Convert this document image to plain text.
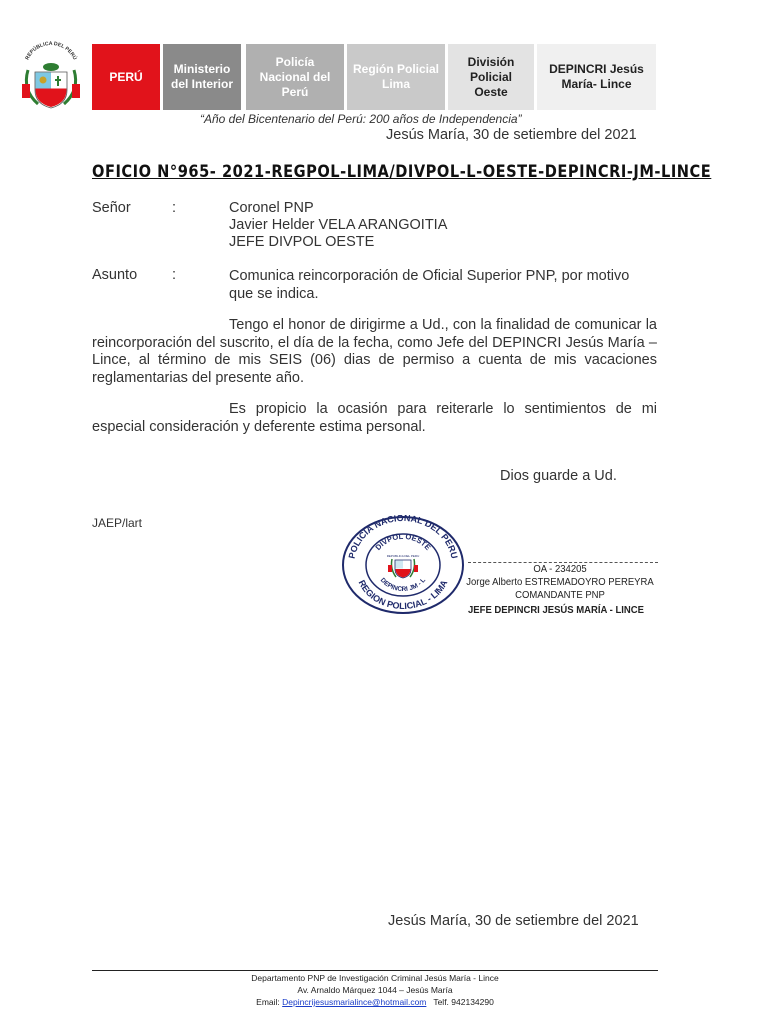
REPÚBLICA DEL PERÚ
PERÚ
Ministerio del Interior
Policía Nacional del Perú
Región Policial Lima
División Policial Oeste
DEPINCRI Jesús María- Lince
“Año del Bicentenario del Perú: 200 años de Independencia”
Jesús María, 30 de setiembre del 2021
OFICIO N°965- 2021-REGPOL-LIMA/DIVPOL-L-OESTE-DEPINCRI-JM-LINCE
Señor	:	Coronel PNP
Javier Helder VELA ARANGOITIA
JEFE DIVPOL OESTE
Asunto :	Comunica reincorporación de Oficial Superior PNP, por motivo
que se indica.
Tengo el honor de dirigirme a Ud., con la finalidad de comunicar la reincorporación del suscrito, el día de la fecha, como Jefe del DEPINCRI Jesús María – Lince, al término de mis SEIS (06) dias de permiso a cuenta de mis vacaciones reglamentarias del presente año.
Es propicio la ocasión para reiterarle lo sentimientos de mi especial consideración y deferente estima personal.
Dios guarde a Ud.
JAEP/lart
POLICIA NACIONAL DEL PERU
REGION POLICIAL - LIMA
DIVPOL OESTE
DEPINCRI JM - L
REPUBLICA DEL PERU
OA - 234205
Jorge Alberto ESTREMADOYRO PEREYRA
COMANDANTE PNP
JEFE DEPINCRI JESÚS MARÍA - LINCE
Jesús María, 30 de setiembre del 2021
Departamento PNP de Investigación Criminal Jesús María - Lince
Av. Arnaldo Márquez 1044 – Jesús María
Email: Depincrijesusmarialince@hotmail.com Telf. 942134290
